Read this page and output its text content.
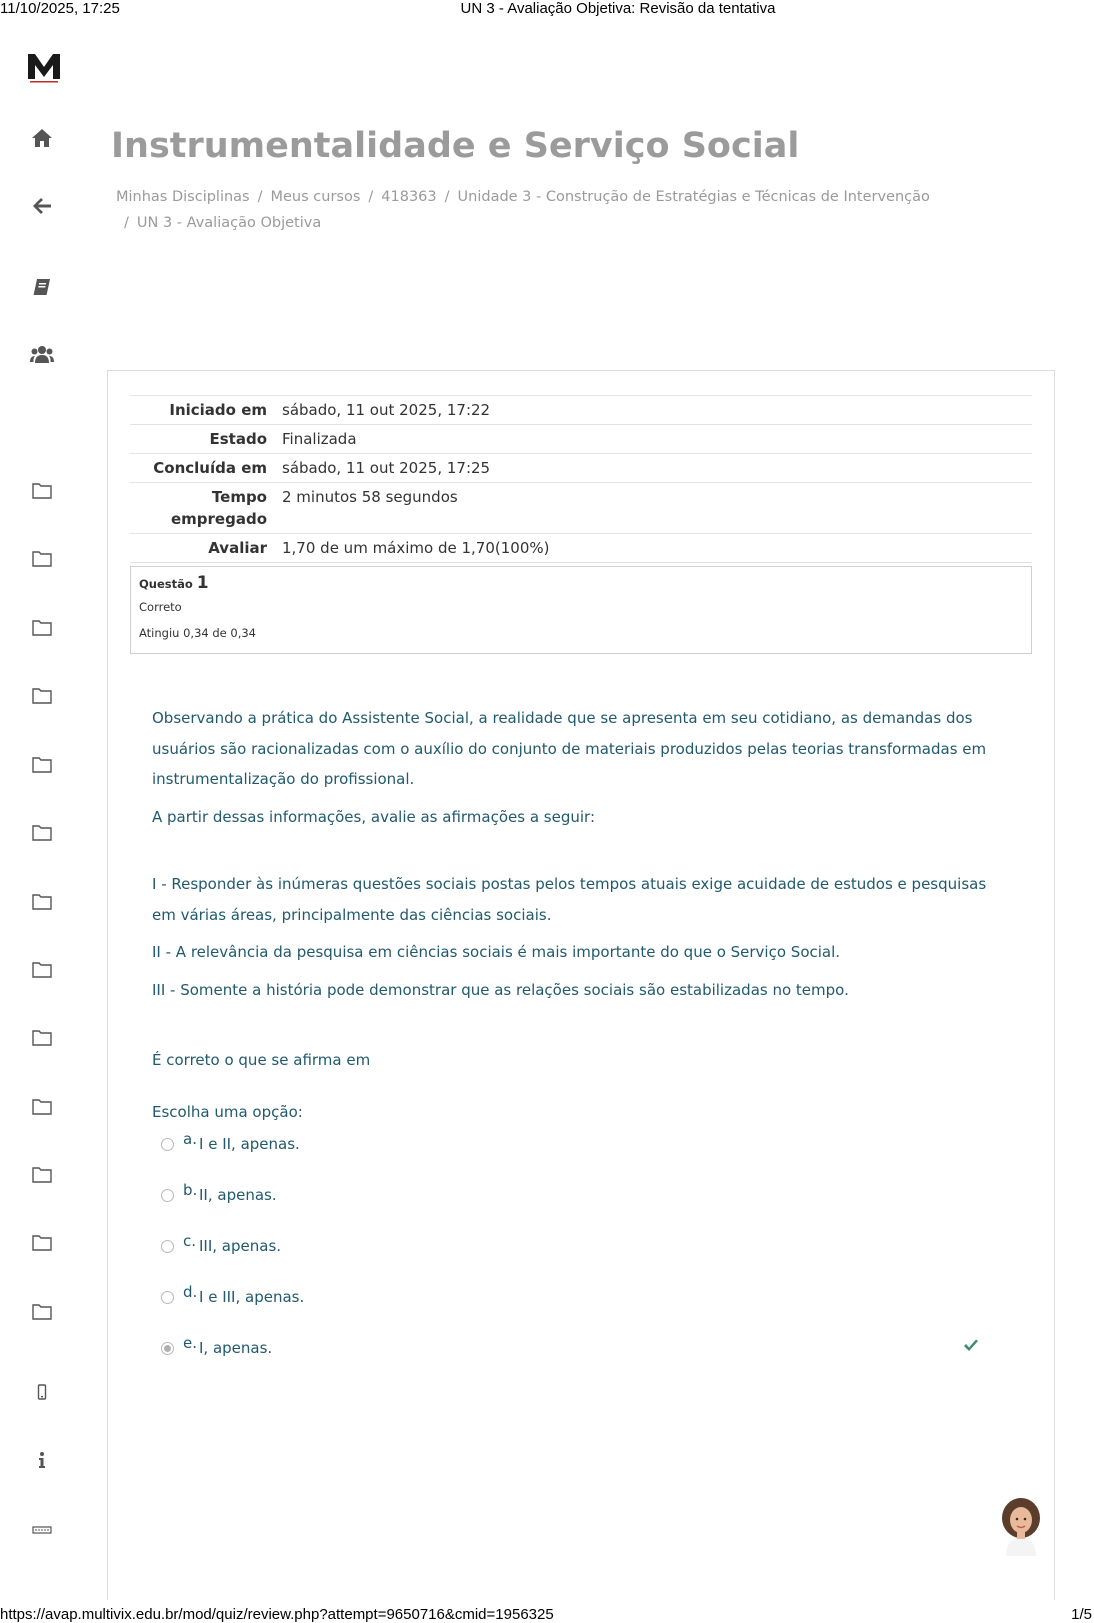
11/10/2025, 17:25	UN 3 - Avaliação Objetiva: Revisão da tentativa
Instrumentalidade e Serviço Social
Minhas Disciplinas / Meus cursos / 418363 / Unidade 3 - Construção de Estratégias e Técnicas de Intervenção
/ UN 3 - Avaliação Objetiva
Iniciado em	sábado, 11 out 2025, 17:22
Estado	Finalizada
Concluída em	sábado, 11 out 2025, 17:25
Tempo empregado	2 minutos 58 segundos
Avaliar	1,70 de um máximo de 1,70(100%)
Questão 1
Correto
Atingiu 0,34 de 0,34

Observando a prática do Assistente Social, a realidade que se apresenta em seu cotidiano, as demandas dos usuários são racionalizadas com o auxílio do conjunto de materiais produzidos pelas teorias transformadas em instrumentalização do profissional.

A partir dessas informações, avalie as afirmações a seguir:

I - Responder às inúmeras questões sociais postas pelos tempos atuais exige acuidade de estudos e pesquisas em várias áreas, principalmente das ciências sociais.

II - A relevância da pesquisa em ciências sociais é mais importante do que o Serviço Social.

III - Somente a história pode demonstrar que as relações sociais são estabilizadas no tempo.

É correto o que se afirma em

Escolha uma opção:
a. I e II, apenas.
b. II, apenas.
c. III, apenas.
d. I e III, apenas.
e. I, apenas.
https://avap.multivix.edu.br/mod/quiz/review.php?attempt=9650716&cmid=1956325	1/5
